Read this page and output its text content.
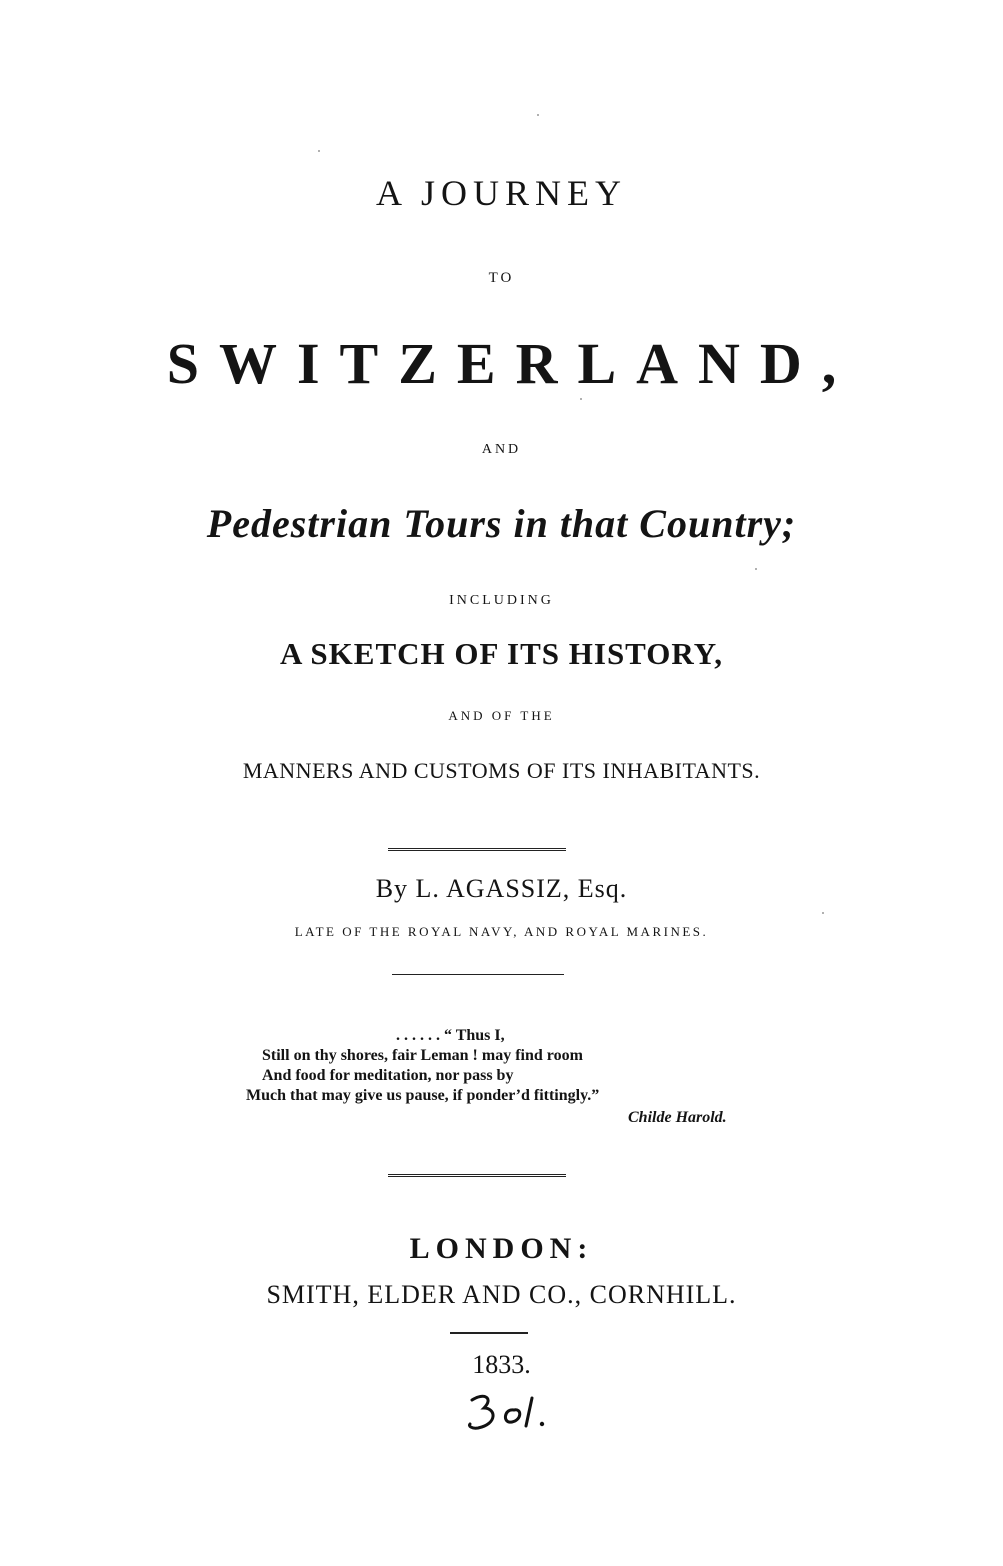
A JOURNEY
TO
SWITZERLAND,
AND
Pedestrian Tours in that Country;
INCLUDING
A SKETCH OF ITS HISTORY,
AND OF THE
MANNERS AND CUSTOMS OF ITS INHABITANTS.
By L. AGASSIZ, Esq.
LATE OF THE ROYAL NAVY, AND ROYAL MARINES.
. . . . . . “ Thus I,
Still on thy shores, fair Leman ! may find room
And food for meditation, nor pass by
Much that may give us pause, if ponder’d fittingly.”
Childe Harold.
LONDON:
SMITH, ELDER AND CO., CORNHILL.
1833.
